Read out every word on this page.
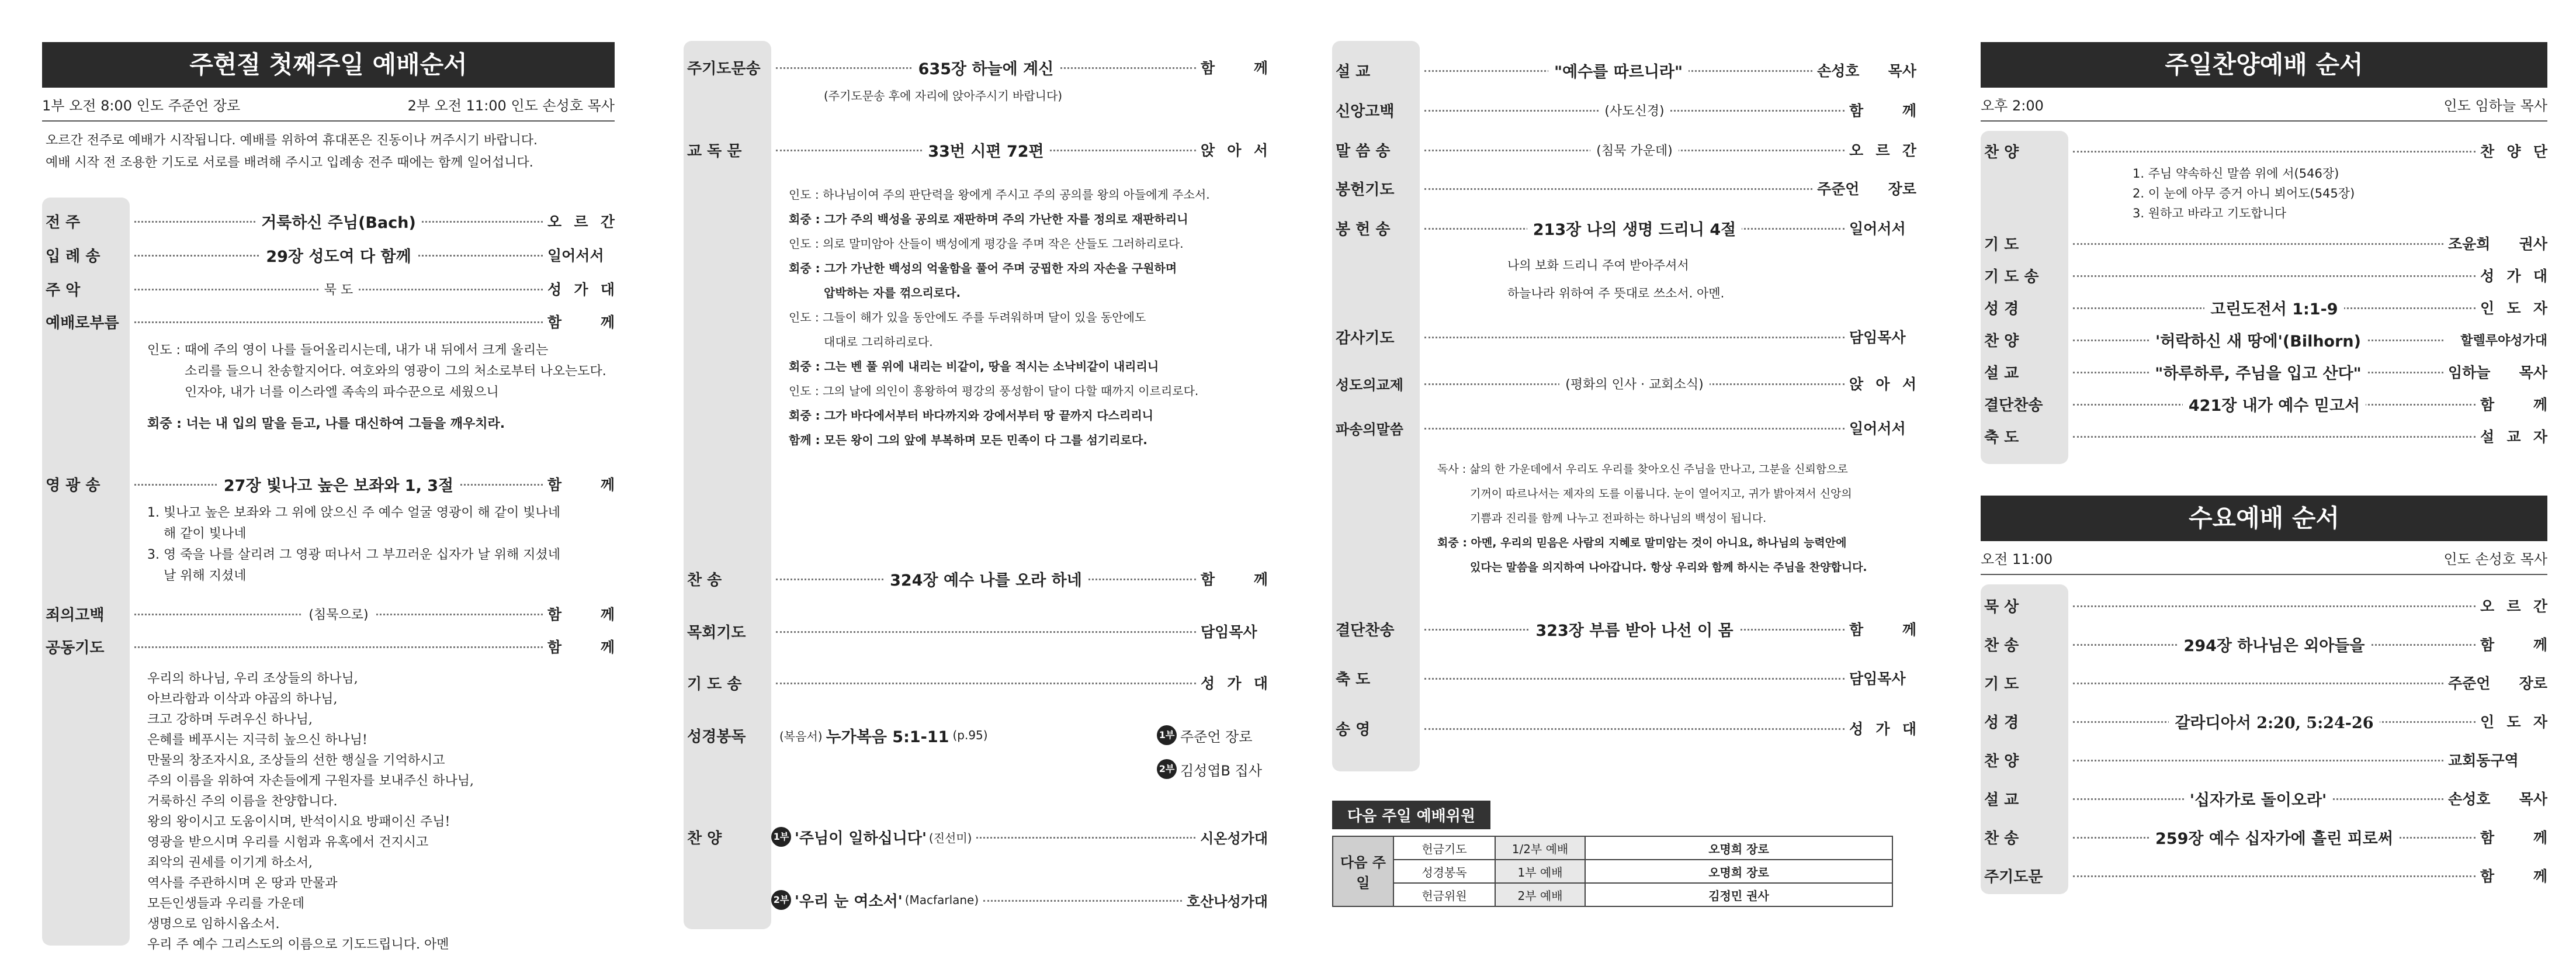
주현절 첫째주일 예배순서
1부 오전 8:00 인도 주준언 장로	2부 오전 11:00 인도 손성호 목사
오르간 전주로 예배가 시작됩니다. 예배를 위하여 휴대폰은 진동이나 꺼주시기 바랍니다.
예배 시작 전 조용한 기도로 서로를 배려해 주시고 입례송 전주 때에는 함께 일어섭니다.
전 주	거룩하신 주님(Bach)	오 르 간
입 례 송	29장 성도여 다 함께	일어서서
주 악	묵 도	성 가 대
예배로부름	함 께
인도 : 때에 주의 영이 나를 들어올리시는데, 내가 내 뒤에서 크게 울리는
소리를 들으니 찬송할지어다. 여호와의 영광이 그의 처소로부터 나오는도다.
인자야, 내가 너를 이스라엘 족속의 파수꾼으로 세웠으니
회중 : 너는 내 입의 말을 듣고, 나를 대신하여 그들을 깨우치라.
영 광 송	27장 빛나고 높은 보좌와 1, 3절	함 께
1. 빛나고 높은 보좌와 그 위에 앉으신 주 예수 얼굴 영광이 해 같이 빛나네
해 같이 빛나네
3. 영 죽을 나를 살리려 그 영광 떠나서 그 부끄러운 십자가 날 위해 지셨네
날 위해 지셨네
죄의고백	(침묵으로)	함 께
공동기도	함 께
우리의 하나님, 우리 조상들의 하나님,
아브라함과 이삭과 야곱의 하나님,
크고 강하며 두려우신 하나님,
은혜를 베푸시는 지극히 높으신 하나님!
만물의 창조자시요, 조상들의 선한 행실을 기억하시고
주의 이름을 위하여 자손들에게 구원자를 보내주신 하나님,
거룩하신 주의 이름을 찬양합니다.
왕의 왕이시고 도움이시며, 반석이시요 방패이신 주님!
영광을 받으시며 우리를 시험과 유혹에서 건지시고
죄악의 권세를 이기게 하소서,
역사를 주관하시며 온 땅과 만물과
모든인생들과 우리를 가운데
생명으로 임하시옵소서.
우리 주 예수 그리스도의 이름으로 기도드립니다. 아멘
주기도문송	635장 하늘에 계신	함 께
(주기도문송 후에 자리에 앉아주시기 바랍니다)
교 독 문	33번 시편 72편	앉 아 서
인도 : 하나님이여 주의 판단력을 왕에게 주시고 주의 공의를 왕의 아들에게 주소서.
회중 : 그가 주의 백성을 공의로 재판하며 주의 가난한 자를 정의로 재판하리니
인도 : 의로 말미암아 산들이 백성에게 평강을 주며 작은 산들도 그러하리로다.
회중 : 그가 가난한 백성의 억울함을 풀어 주며 궁핍한 자의 자손을 구원하며
압박하는 자를 꺾으리로다.
인도 : 그들이 해가 있을 동안에도 주를 두려워하며 달이 있을 동안에도
대대로 그리하리로다.
회중 : 그는 벤 풀 위에 내리는 비같이, 땅을 적시는 소낙비같이 내리리니
인도 : 그의 날에 의인이 흥왕하여 평강의 풍성함이 달이 다할 때까지 이르리로다.
회중 : 그가 바다에서부터 바다까지와 강에서부터 땅 끝까지 다스리리니
함께 : 모든 왕이 그의 앞에 부복하며 모든 민족이 다 그를 섬기리로다.
찬 송	324장 예수 나를 오라 하네	함 께
목회기도	담임목사
기 도 송	성 가 대
성경봉독	(복음서) 누가복음 5:1-11 (p.95)	1부 주준언 장로
2부 김성엽B 집사
찬 양	1부 '주님이 일하십니다' (진선미)	시온성가대
2부 '우리 눈 여소서' (Macfarlane)	호산나성가대
설 교	"예수를 따르니라"	손성호 목사
신앙고백	(사도신경)	함 께
말 씀 송	(침묵 가운데)	오 르 간
봉헌기도	주준언 장로
봉 헌 송	213장 나의 생명 드리니 4절	일어서서
나의 보화 드리니 주여 받아주셔서
하늘나라 위하여 주 뜻대로 쓰소서. 아멘.
감사기도	담임목사
성도의교제	(평화의 인사 · 교회소식)	앉 아 서
파송의말씀	일어서서
독사 : 삶의 한 가운데에서 우리도 우리를 찾아오신 주님을 만나고, 그분을 신뢰함으로
기꺼이 따르나서는 제자의 도를 이룹니다. 눈이 열어지고, 귀가 밝아져서 신앙의
기쁨과 진리를 함께 나누고 전파하는 하나님의 백성이 됩니다.
회중 : 아멘, 우리의 믿음은 사람의 지혜로 말미암는 것이 아니요, 하나님의 능력안에
있다는 말씀을 의지하여 나아갑니다. 항상 우리와 함께 하시는 주님을 찬양합니다.
결단찬송	323장 부름 받아 나선 이 몸	함 께
축 도	담임목사
송 영	성 가 대
다음 주일 예배위원
다음 주일	헌금기도	1/2부 예배	오명희 장로
	성경봉독	1부 예배	오명희 장로
	헌금위원	2부 예배	김정민 권사
주일찬양예배 순서
오후 2:00	인도 임하늘 목사
찬 양	찬 양 단
1. 주님 약속하신 말씀 위에 서(546장)
2. 이 눈에 아무 증거 아니 뵈어도(545장)
3. 원하고 바라고 기도합니다
기 도	조윤희 권사
기 도 송	성 가 대
성 경	고린도전서 1:1-9	인 도 자
찬 양	'허락하신 새 땅에'(Bilhorn)	할렐루야성가대
설 교	"하루하루, 주님을 입고 산다"	임하늘 목사
결단찬송	421장 내가 예수 믿고서	함 께
축 도	설 교 자
수요예배 순서
오전 11:00	인도 손성호 목사
묵 상	오 르 간
찬 송	294장 하나님은 외아들을	함 께
기 도	주준언 장로
성 경	갈라디아서 2:20, 5:24-26	인 도 자
찬 양	교회동구역
설 교	'십자가로 돌이오라'	손성호 목사
찬 송	259장 예수 십자가에 흘린 피로써	함 께
주기도문	함 께
